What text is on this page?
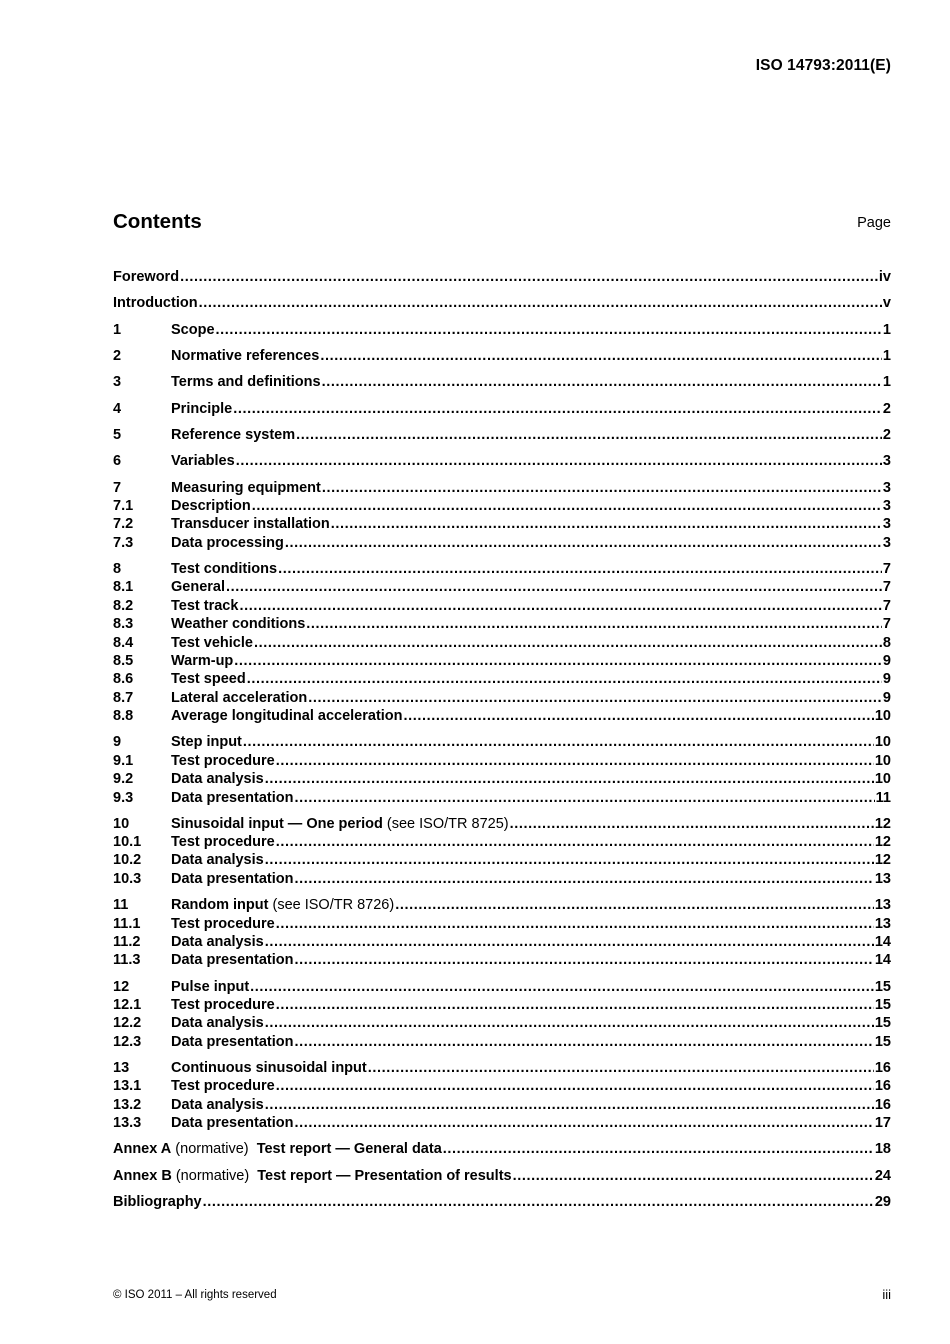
ISO 14793:2011(E)
Contents	Page
Foreword .....	iv
Introduction .....	v
1	Scope .....	1
2	Normative references .....	1
3	Terms and definitions .....	1
4	Principle .....	2
5	Reference system .....	2
6	Variables .....	3
7	Measuring equipment .....	3
7.1	Description .....	3
7.2	Transducer installation .....	3
7.3	Data processing .....	3
8	Test conditions .....	7
8.1	General .....	7
8.2	Test track .....	7
8.3	Weather conditions .....	7
8.4	Test vehicle .....	8
8.5	Warm-up .....	9
8.6	Test speed .....	9
8.7	Lateral acceleration .....	9
8.8	Average longitudinal acceleration .....	10
9	Step input .....	10
9.1	Test procedure .....	10
9.2	Data analysis .....	10
9.3	Data presentation .....	11
10	Sinusoidal input — One period (see ISO/TR 8725) .....	12
10.1	Test procedure .....	12
10.2	Data analysis .....	12
10.3	Data presentation .....	13
11	Random input (see ISO/TR 8726) .....	13
11.1	Test procedure .....	13
11.2	Data analysis .....	14
11.3	Data presentation .....	14
12	Pulse input .....	15
12.1	Test procedure .....	15
12.2	Data analysis .....	15
12.3	Data presentation .....	15
13	Continuous sinusoidal input .....	16
13.1	Test procedure .....	16
13.2	Data analysis .....	16
13.3	Data presentation .....	17
Annex A (normative)  Test report — General data .....	18
Annex B (normative)  Test report — Presentation of results .....	24
Bibliography .....	29
© ISO 2011 – All rights reserved	iii
